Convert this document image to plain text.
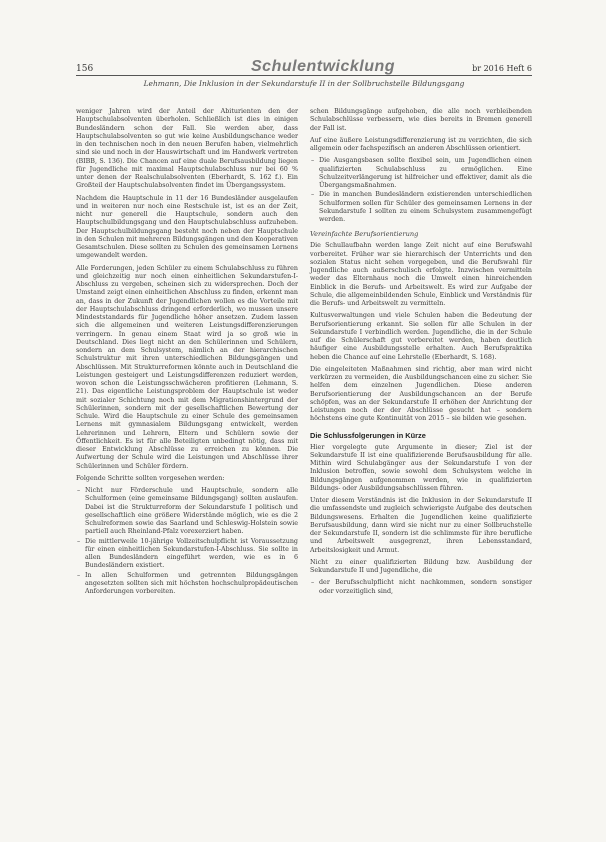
156	Schulentwicklung	br 2016 Heft 6
Lehmann, Die Inklusion in der Sekundarstufe II in der Sollbruchstelle Bildungsgang

weniger Jahren wird der Anteil der Abiturienten den der Hauptschulabsolventen überholen. Schließlich ist dies in einigen Bundesländern schon der Fall. Sie werden aber, dass Hauptschulabsolventen so gut wie keine Ausbildungschance weder in den technischen noch in den neuen Berufen haben, vielmehrlich sind sie und noch in der Hauswirtschaft und im Handwerk vertreten (BIBB, S. 136). Die Chancen auf eine duale Berufsausbildung liegen für Jugendliche mit maximal Hauptschulabschluss nur bei 60 % unter denen der Realschulabsolventen (Eberhardt, S. 162 f.). Ein Großteil der Hauptschulabsolventen findet im Übergangssystem.

Nachdem die Hauptschule in 11 der 16 Bundesländer ausgelaufen und in weiteren nur noch eine Restschule ist, ist es an der Zeit, nicht nur generell die Hauptschule, sondern auch den Hauptschulbildungsgang und den Hauptschulabschluss aufzuheben. Der Hauptschulbildungsgang besteht noch neben der Hauptschule in den Schulen mit mehreren Bildungsgängen und den Kooperativen Gesamtschulen. Diese sollten zu Schulen des gemeinsamen Lernens umgewandelt werden.

Alle Forderungen, jeden Schüler zu einem Schulabschluss zu führen und gleichzeitig nur noch einen einheitlichen Sekundarstufen-I-Abschluss zu vergeben, scheinen sich zu widersprechen. Doch der Umstand zeigt einen einheitlichen Abschluss zu finden, erkennt man an, dass in der Zukunft der Jugendlichen wollen es die Vorteile mit der Hauptschulabschluss dringend erforderlich, wo mussen unsere Mindeststandards für Jugendliche höher ansetzen. Zudem lassen sich die allgemeinen und weiteren Leistungsdifferenzierungen verringern. In genau einem Staat wird ja so groß wie in Deutschland. Dies liegt nicht an den Schülerinnen und Schülern, sondern an dem Schulsystem, nämlich an der hierarchischen Schulstruktur mit ihren unterschiedlichen Bildungsgängen und Abschlüssen. Mit Strukturreformen könnte auch in Deutschland die Leistungen gesteigert und Leistungsdifferenzen reduziert werden, wovon schon die Leistungsschwächeren profitieren (Lehmann, S. 21). Das eigentliche Leistungsproblem der Hauptschule ist weder mit sozialer Schichtung noch mit dem Migrationshintergrund der Schülerinnen, sondern mit der gesellschaftlichen Bewertung der Schule. Wird die Hauptschule zu einer Schule des gemeinsamen Lernens mit gymnasialem Bildungsgang entwickelt, werden Lehrerinnen und Lehrern, Eltern und Schülern sowie der Öffentlichkeit. Es ist für alle Beteiligten unbedingt nötig, dass mit dieser Entwicklung Abschlüsse zu erreichen zu können. Die Aufwertung der Schule wird die Leistungen und Abschlüsse ihrer Schülerinnen und Schüler fördern.

Folgende Schritte sollten vorgesehen werden:

– Nicht nur Förderschule und Hauptschule, sondern alle Schulformen (eine gemeinsame Bildungsgang) sollten auslaufen. Dabei ist die Strukturreform der Sekundarstufe I politisch und gesellschaftlich eine größere Widerstände möglich, wie es die 2 Schulreformen sowie das Saarland und Schleswig-Holstein sowie partiell auch Rheinland-Pfalz vorexerziert haben.
– Die mittlerweile 10-jährige Vollzeitschulpflicht ist Voraussetzung für einen einheitlichen Sekundarstufen-I-Abschluss. Sie sollte in allen Bundesländern eingeführt werden, wie es in 6 Bundesländern existiert.
– In allen Schulformen und getrennten Bildungsgängen angesetzten sollten sich mit höchsten hochschulpropädeutischen Anforderungen vorbereiten.

schen Bildungsgänge aufgehoben, die alle noch verbleibenden Schulabschlüsse verbessern, wie dies bereits in Bremen generell der Fall ist.

Auf eine äußere Leistungsdifferenzierung ist zu verzichten, die sich allgemein oder fachspezifisch an anderen Abschlüssen orientiert.

– Die Ausgangsbasen sollte flexibel sein, um Jugendlichen einen qualifizierten Schulabschluss zu ermöglichen. Eine Schulzeitverlängerung ist hilfreicher und effektiver, damit als die Übergangsmaßnahmen.
– Die in manchen Bundesländern existierenden unterschiedlichen Schulformen sollen für Schüler des gemeinsamen Lernens in der Sekundarstufe I sollten zu einem Schulsystem zusammengefügt werden.
Vereinfachte Berufsorientierung

Die Schullaufbahn werden lange Zeit nicht auf eine Berufswahl vorbereitet. Früher war sie hierarchisch der Unterrichts und den sozialen Status nicht sehen vorgegeben, und die Berufswahl für Jugendliche auch außerschulisch erfolgte. Inzwischen vermitteln weder das Elternhaus noch die Umwelt einen hinreichenden Einblick in die Berufs- und Arbeitswelt. Es wird zur Aufgabe der Schule, die allgemeinbildenden Schule, Einblick und Verständnis für die Berufs- und Arbeitswelt zu vermitteln.

Kultusverwaltungen und viele Schulen haben die Bedeutung der Berufsorientierung erkannt. Sie sollen für alle Schulen in der Sekundarstufe I verbindlich werden. Jugendliche, die in der Schule auf die Schülerschaft gut vorbereitet werden, haben deutlich häufiger eine Ausbildungsstelle erhalten. Auch Berufspraktika heben die Chance auf eine Lehrstelle (Eberhardt, S. 168).

Die eingeleiteten Maßnahmen sind richtig, aber man wird nicht verkürzen zu vermeiden, die Ausbildungschancen eine zu sicher. Sie helfen dem einzelnen Jugendlichen. Diese anderen Berufsorientierung der Ausbildungschancen an der Berufe schöpfen, was an der Sekundarstufe II erhöhen der Anrichtung der Leistungen noch der der Abschlüsse gesucht hat – sondern höchstens eine gute Kontinuität von 2015 – sie bilden wie gesehen.

Die Schlussfolgerungen in Kürze

Hier vorgelegte gute Argumente in dieser; Ziel ist der Sekundarstufe II ist eine qualifizierende Berufsausbildung für alle. Mithin wird Schulabgänger aus der Sekundarstufe I von der Inklusion betroffen, sowie sowohl dem Schulsystem welche in Bildungsgängen aufgenommen werden, wie in qualifizierten Bildungs- oder Ausbildungsabschlüssen führen.

Unter diesem Verständnis ist die Inklusion in der Sekundarstufe II die umfassendste und zugleich schwierigste Aufgabe des deutschen Bildungswesens. Erhalten die Jugendlichen keine qualifizierte Berufsausbildung, dann wird sie nicht nur zu einer Sollbruchstelle der Sekundarstufe II, sondern ist die schlimmste für ihre berufliche und Arbeitswelt ausgegrenzt, ihren Lebensstandard, Arbeitslosigkeit und Armut.

Nicht zu einer qualifizierten Bildung bzw. Ausbildung der Sekundarstufe II und Jugendliche, die

– der Berufsschulpflicht nicht nachkommen, sondern sonstiger oder vorzeitiglich sind,
